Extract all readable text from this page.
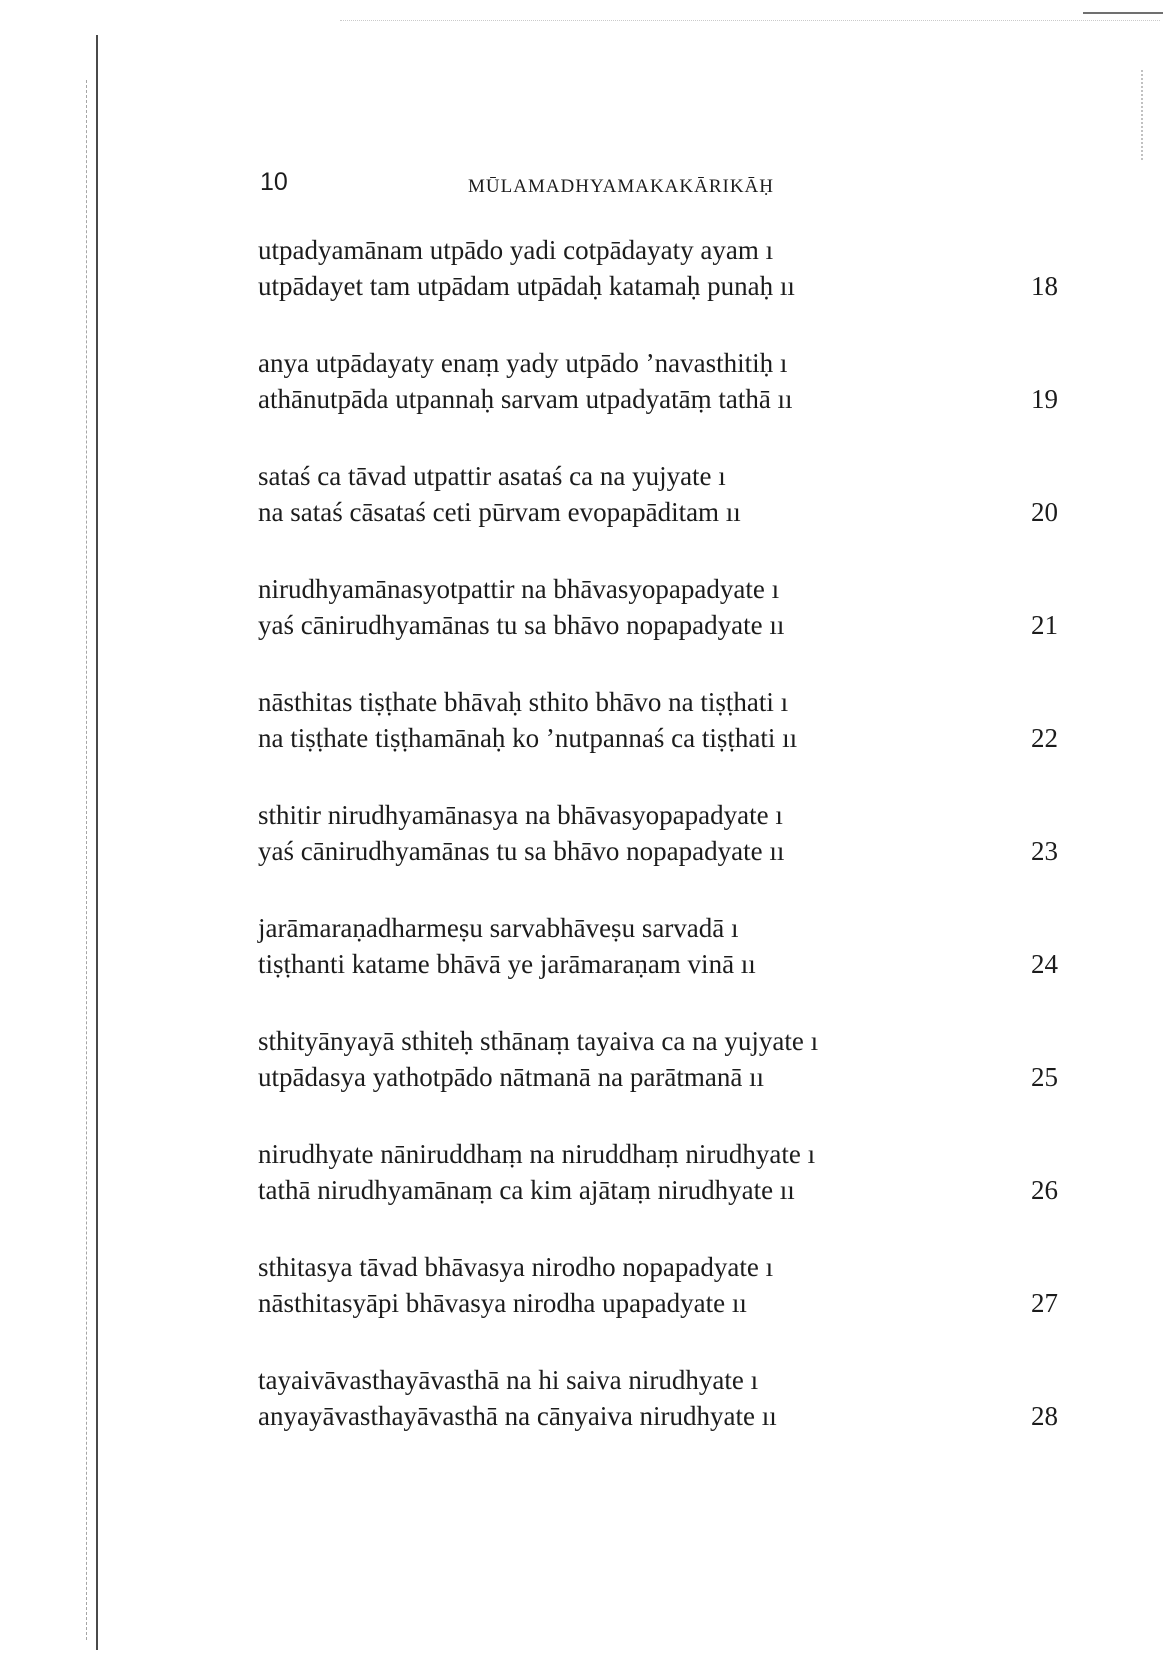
10	MŪLAMADHYAMAKAKĀRIKĀḤ
utpadyamānam utpādo yadi cotpādayaty ayam ı
utpādayet tam utpādam utpādaḥ katamaḥ punaḥ ıı	18
anya utpādayaty enaṃ yady utpādo ’navasthitiḥ ı
athānutpāda utpannaḥ sarvam utpadyatāṃ tathā ıı	19
sataś ca tāvad utpattir asataś ca na yujyate ı
na sataś cāsataś ceti pūrvam evopapāditam ıı	20
nirudhyamānasyotpattir na bhāvasyopapadyate ı
yaś cānirudhyamānas tu sa bhāvo nopapadyate ıı	21
nāsthitas tiṣṭhate bhāvaḥ sthito bhāvo na tiṣṭhati ı
na tiṣṭhate tiṣṭhamānaḥ ko ’nutpannaś ca tiṣṭhati ıı	22
sthitir nirudhyamānasya na bhāvasyopapadyate ı
yaś cānirudhyamānas tu sa bhāvo nopapadyate ıı	23
jarāmaraṇadharmeṣu sarvabhāveṣu sarvadā ı
tiṣṭhanti katame bhāvā ye jarāmaraṇam vinā ıı	24
sthityānyayā sthiteḥ sthānaṃ tayaiva ca na yujyate ı
utpādasya yathotpādo nātmanā na parātmanā ıı	25
nirudhyate nāniruddhaṃ na niruddhaṃ nirudhyate ı
tathā nirudhyamānaṃ ca kim ajātaṃ nirudhyate ıı	26
sthitasya tāvad bhāvasya nirodho nopapadyate ı
nāsthitasyāpi bhāvasya nirodha upapadyate ıı	27
tayaivāvasthayāvasthā na hi saiva nirudhyate ı
anyayāvasthayāvasthā na cānyaiva nirudhyate ıı	28
